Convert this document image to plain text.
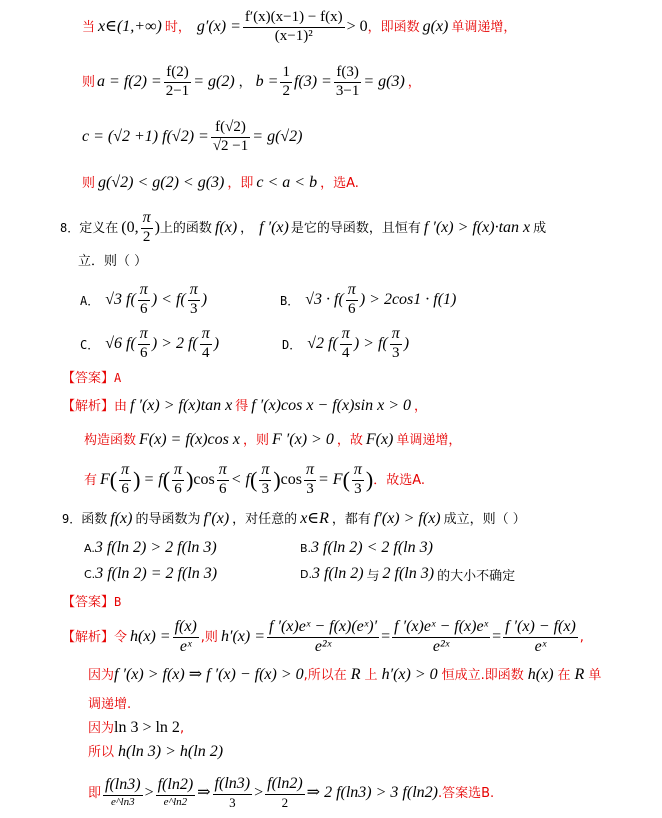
当 x∈(1,+∞) 时， $g'(x) = \frac{f'(x)(x-1) - f(x)}{\text{(x−1)²}} > 0$ ，即函数 g(x) 单调递增，
则 $a = f(2) = \frac{f(2)}{2-1} = g(2)$ ， $b = \frac{1}{2} f(3) = \frac{f(3)}{3-1} = g(3)$ ，
c = (√2 +1) $f(√2) = \frac{f(√2)}{√2 -1} = g(√2)$
则 g(√2) < g(2) < g(3) ，即 c < a < b ，选A.
8． 定义在 (0, $\frac{\pi}{2}$ ) 上的函数 f(x) ， f ′(x) 是它的导函数，且恒有 f ′(x) > f(x)·tan x 成
立．则（ ）
A． √3 $f( \frac{\pi}{6}$ ) < $f( \frac{\pi}{3}$ )	B． $√3 \cdot f( \frac{\pi}{6}$ ) > 2cos1 · f(1)
C． √6 $f( \frac{\pi}{6}$ ) > 2 $f( \frac{\pi}{4}$ )	D． √2 $f( \frac{\pi}{4}$ ) > $f( \frac{\pi}{3}$ )
【答案】 A
【解析】 由 f ′(x) > f(x)tan x 得 f ′(x)cos x − f(x)sin x > 0 ，
构造函数 F(x) = f(x)cos x ，则 F ′(x) > 0 ，故 F(x) 单调递增，
有 F ( $\frac{\pi}{6}$ ) = f ( $\frac{\pi}{6}$ ) $\cos \frac{\pi}{6} < f$ ( $\frac{\pi}{3}$ ) $\cos \frac{\pi}{3} = F$ ( $\frac{\pi}{3}$ ) ．故选A.
9． 函数 f(x) 的导函数为 f′(x) ，对任意的 x∈R ，都有 f′(x) > f(x) 成立，则（ ）
A. 3 f(ln 2) > 2 f(ln 3)	B. 3 f(ln 2) < 2 f(ln 3)
C. 3 f(ln 2) = 2 f(ln 3)	D. 3 f(ln 2) 与 2 f(ln 3) 的大小不确定
【答案】 B
【解析】 令 $h(x) = \frac{f(x)}{\text{eˣ}}$ ,则 $h'(x) = \frac{\text{f ′(x)eˣ − f(x)(eˣ)′}}{\text{e²ˣ}} = \frac{\text{f ′(x)eˣ − f(x)eˣ}}{\text{e²ˣ}} = \frac{f '(x) - f(x)}{\text{eˣ}}$ ,
因为 f ′(x) > f(x) ⇒ f ′(x) − f(x) > 0 ,所以在 R 上 h′(x) > 0 恒成立.即函数 h(x) 在 R 单
调递增.
因为 ln 3 > ln 2 ,
所以 h(ln 3) > h(ln 2)
即 $\frac{f(\ln 3)}{e\^{}\ln 3} > \frac{f(\ln 2)}{e\^{}\ln 2}$ ⇒ $\frac{f(\ln 3)}{3} > \frac{f(\ln 2)}{2}$ ⇒ 2 f(ln3) > 3 f(ln2) .答案选B.
